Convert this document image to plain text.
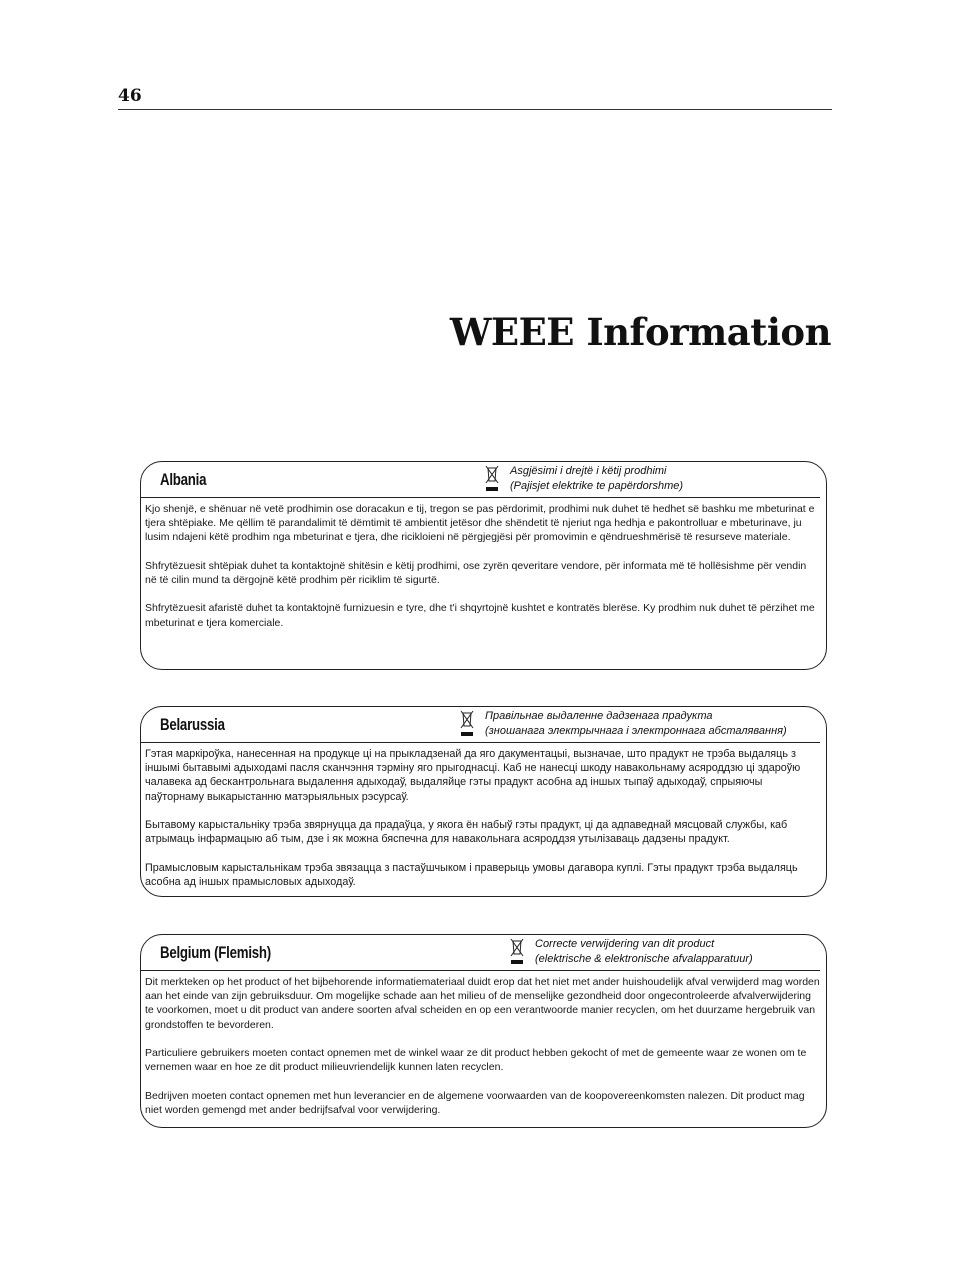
46
WEEE Information
Albania	Asgjësimi i drejtë i këtij prodhimi
(Pajisjet elektrike te papërdorshme)

Kjo shenjë, e shënuar në vetë prodhimin ose doracakun e tij, tregon se pas përdorimit, prodhimi nuk duhet të hedhet së bashku me mbeturinat e tjera shtëpiake. Me qëllim të parandalimit të dëmtimit të ambientit jetësor dhe shëndetit të njeriut nga hedhja e pakontrolluar e mbeturinave, ju lusim ndajeni këtë prodhim nga mbeturinat e tjera, dhe ricikloieni në përgjegjësi për promovimin e qëndrueshmërisë të resurseve materiale.

Shfrytëzuesit shtëpiak duhet ta kontaktojnë shitësin e këtij prodhimi, ose zyrën qeveritare vendore, për informata më të hollësishme për vendin në të cilin mund ta dërgojnë këtë prodhim për riciklim të sigurtë.

Shfrytëzuesit afaristë duhet ta kontaktojnë furnizuesin e tyre, dhe t'i shqyrtojnë kushtet e kontratës blerëse. Ky prodhim nuk duhet të përzihet me mbeturinat e tjera komerciale.

Belarussia	Правільнае выдаленне дадзенага прадукта
(зношанага электрычнага і электроннага абсталявання)

Гэтая маркіроўка, нанесенная на продукце ці на прыкладзенай да яго дакументацыі, вызначае, што прадукт не трэба выдаляць з іншымі бытавымі адыходамі пасля сканчэння тэрміну яго прыгоднасці. Каб не нанесці шкоду навакольнаму асяроддзю ці здароўю чалавека ад бескантрольнага выдалення адыходаў, выдаляйце гэты прадукт асобна ад іншых тыпаў адыходаў, спрыяючы паўторнаму выкарыстанню матэрыяльных рэсурсаў.

Бытавому карыстальніку трэба звярнуцца да прадаўца, у якога ён набыў гэты прадукт, ці да адпаведнай мясцовай службы, каб атрымаць інфармацыю аб тым, дзе і як можна бяспечна для навакольнага асяроддзя утылізаваць дадзены прадукт.

Прамысловым карыстальнікам трэба звязацца з пастаўшчыком і праверыць умовы дагавора куплі. Гэты прадукт трэба выдаляць асобна ад іншых прамысловых адыходаў.

Belgium (Flemish)	Correcte verwijdering van dit product
(elektrische & elektronische afvalapparatuur)

Dit merkteken op het product of het bijbehorende informatiemateriaal duidt erop dat het niet met ander huishoudelijk afval verwijderd mag worden aan het einde van zijn gebruiksduur. Om mogelijke schade aan het milieu of de menselijke gezondheid door ongecontroleerde afvalverwijdering te voorkomen, moet u dit product van andere soorten afval scheiden en op een verantwoorde manier recyclen, om het duurzame hergebruik van grondstoffen te bevorderen.

Particuliere gebruikers moeten contact opnemen met de winkel waar ze dit product hebben gekocht of met de gemeente waar ze wonen om te vernemen waar en hoe ze dit product milieuvriendelijk kunnen laten recyclen.

Bedrijven moeten contact opnemen met hun leverancier en de algemene voorwaarden van de koopovereenkomsten nalezen. Dit product mag niet worden gemengd met ander bedrijfsafval voor verwijdering.
